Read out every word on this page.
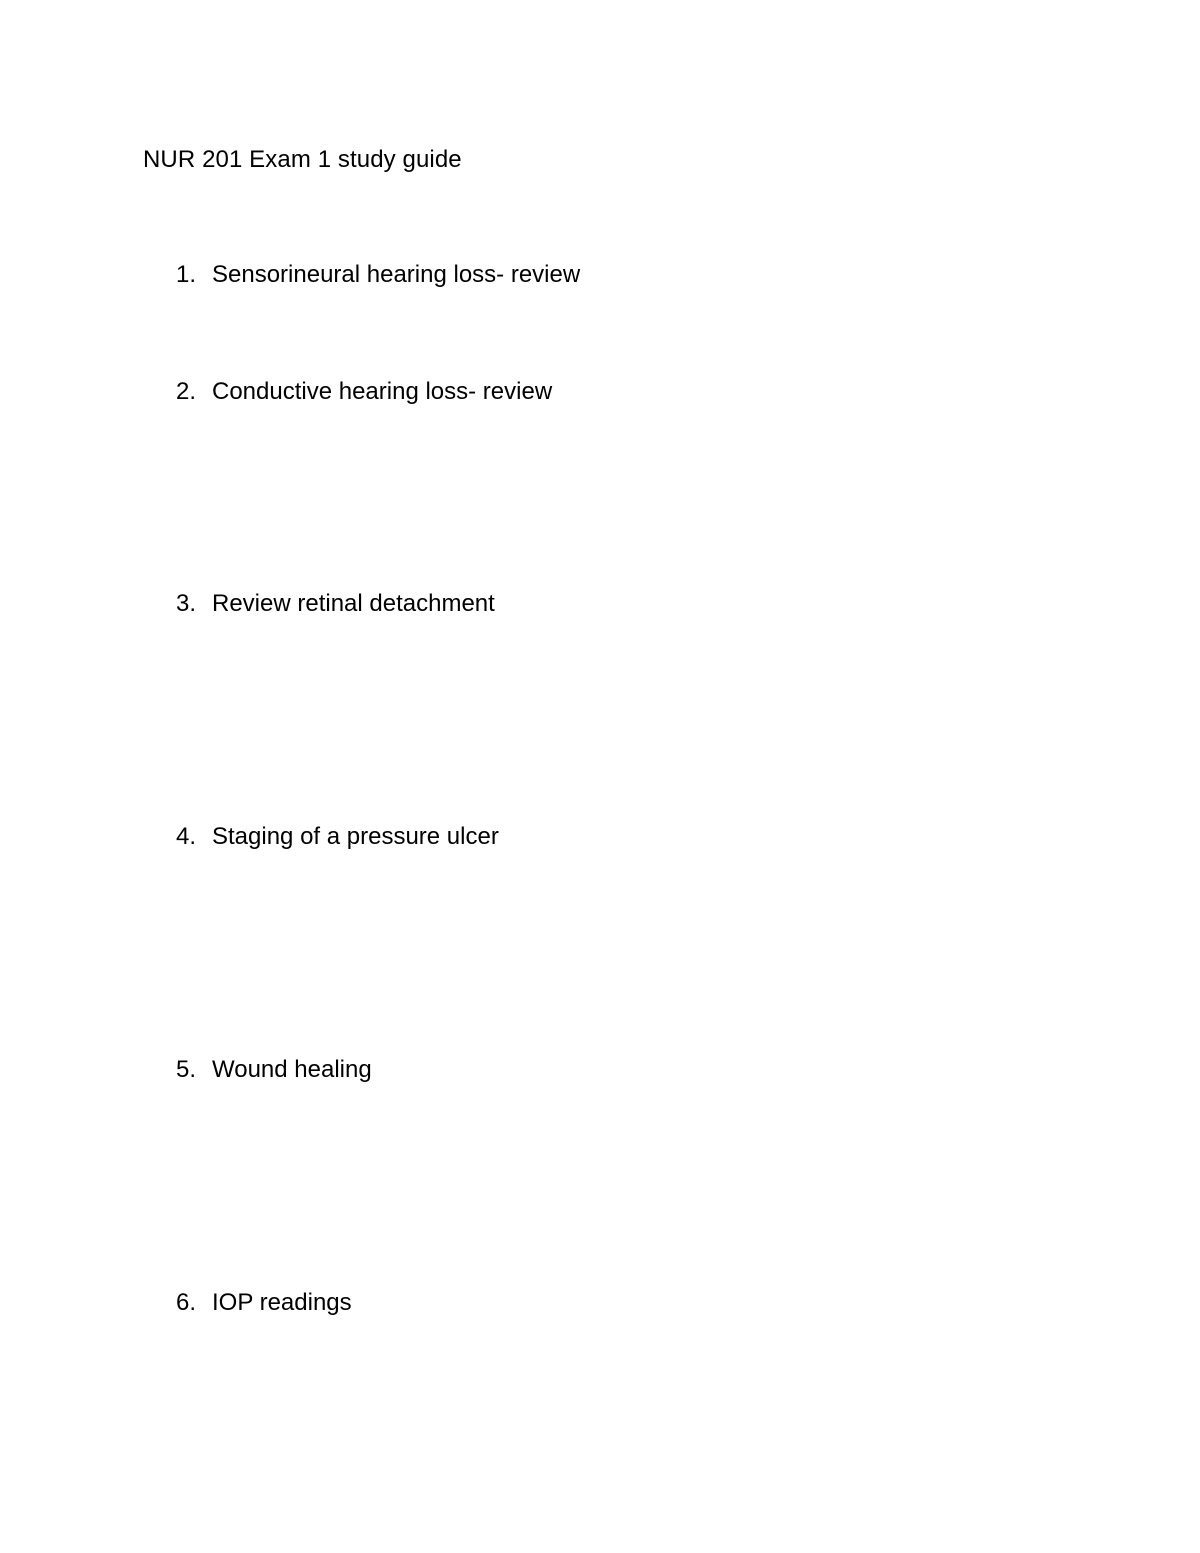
NUR 201 Exam 1 study guide
1. Sensorineural hearing loss- review
2. Conductive hearing loss- review
3. Review retinal detachment
4. Staging of a pressure ulcer
5. Wound healing
6. IOP readings
